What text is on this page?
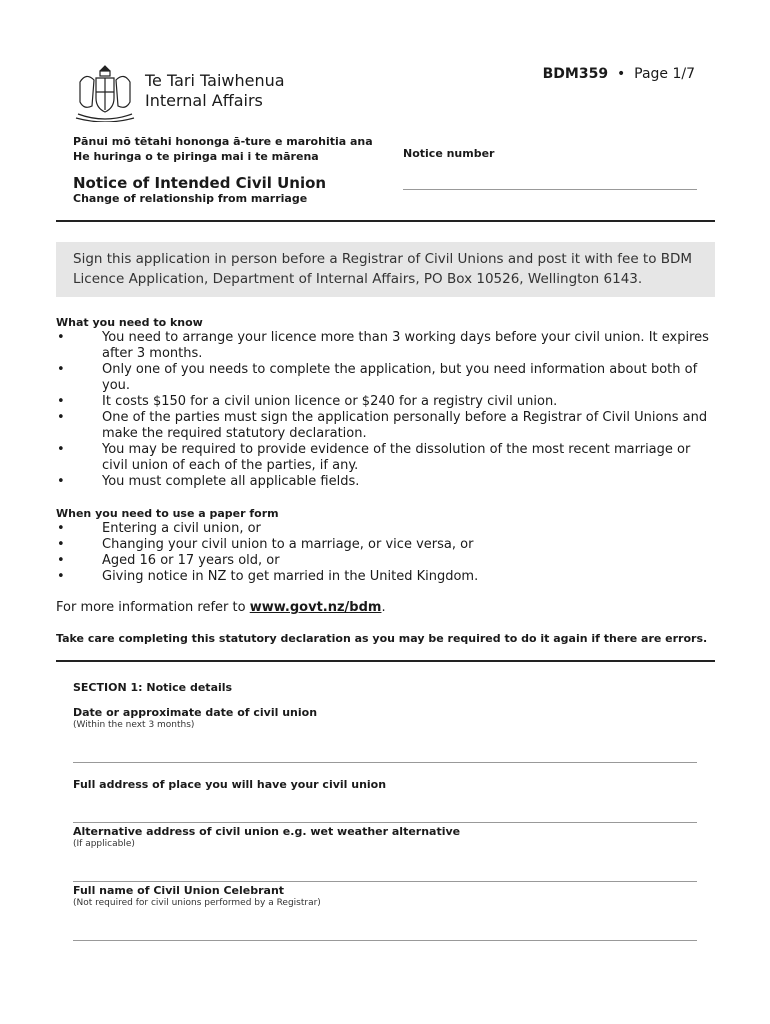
Te Tari Taiwhenua
Internal Affairs
BDM359  •  Page 1/7
Pānui mō tētahi hononga ā-ture e marohitia ana
He huringa o te piringa mai i te mārena	Notice number
Notice of Intended Civil Union
Change of relationship from marriage
Sign this application in person before a Registrar of Civil Unions and post it with fee to BDM Licence Application, Department of Internal Affairs, PO Box 10526, Wellington 6143.
What you need to know
• You need to arrange your licence more than 3 working days before your civil union. It expires after 3 months.
• Only one of you needs to complete the application, but you need information about both of you.
• It costs $150 for a civil union licence or $240 for a registry civil union.
• One of the parties must sign the application personally before a Registrar of Civil Unions and make the required statutory declaration.
• You may be required to provide evidence of the dissolution of the most recent marriage or civil union of each of the parties, if any.
• You must complete all applicable fields.
When you need to use a paper form
• Entering a civil union, or
• Changing your civil union to a marriage, or vice versa, or
• Aged 16 or 17 years old, or
• Giving notice in NZ to get married in the United Kingdom.
For more information refer to www.govt.nz/bdm.
Take care completing this statutory declaration as you may be required to do it again if there are errors.
SECTION 1: Notice details
Date or approximate date of civil union
(Within the next 3 months)
Full address of place you will have your civil union
Alternative address of civil union e.g. wet weather alternative
(If applicable)
Full name of Civil Union Celebrant
(Not required for civil unions performed by a Registrar)
